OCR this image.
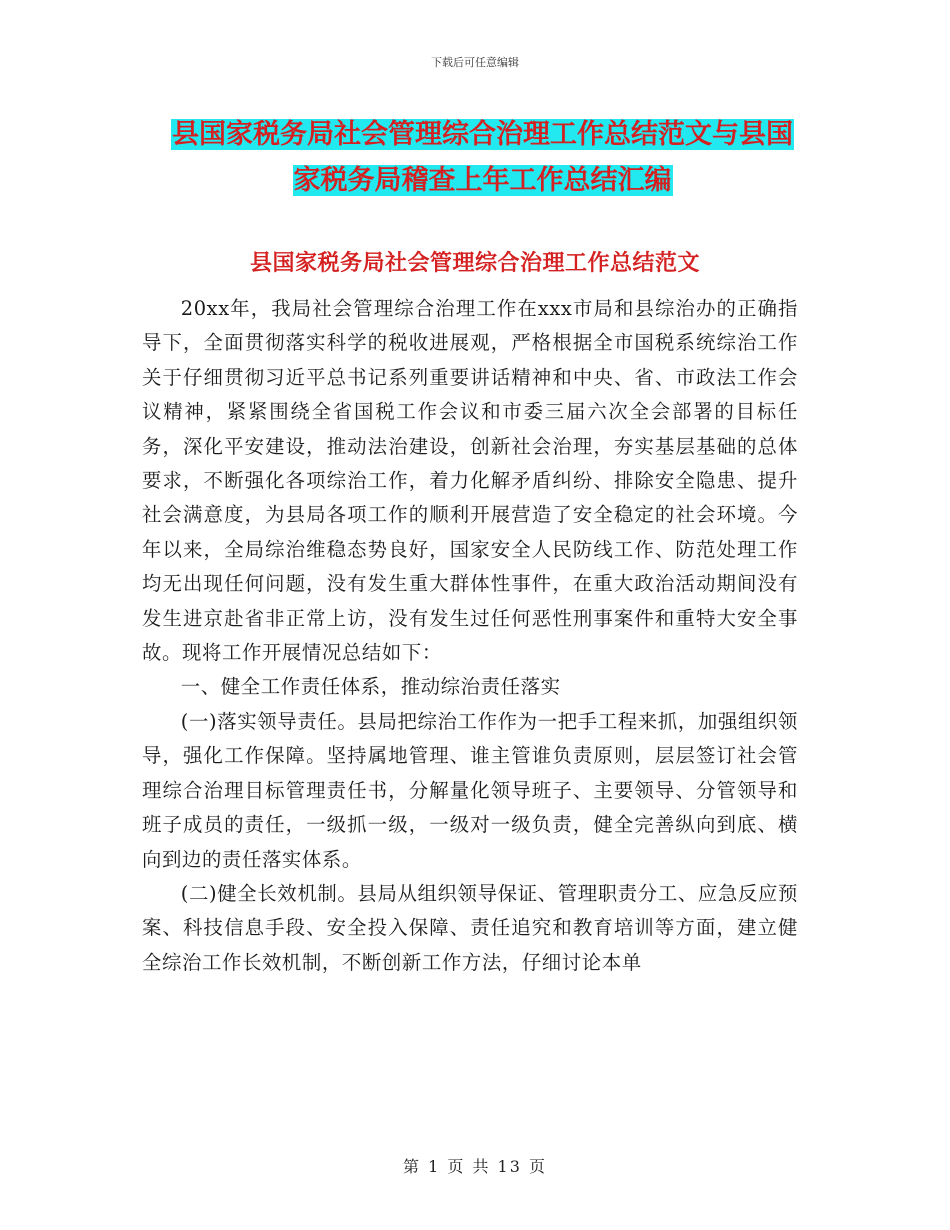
下载后可任意编辑
县国家税务局社会管理综合治理工作总结范文与县国
家税务局稽查上年工作总结汇编
县国家税务局社会管理综合治理工作总结范文

20xx年，我局社会管理综合治理工作在xxx市局和县综治办的正确指导下，全面贯彻落实科学的税收进展观，严格根据全市国税系统综治工作关于仔细贯彻习近平总书记系列重要讲话精神和中央、省、市政法工作会议精神，紧紧围绕全省国税工作会议和市委三届六次全会部署的目标任务，深化平安建设，推动法治建设，创新社会治理，夯实基层基础的总体要求，不断强化各项综治工作，着力化解矛盾纠纷、排除安全隐患、提升社会满意度，为县局各项工作的顺利开展营造了安全稳定的社会环境。今年以来，全局综治维稳态势良好，国家安全人民防线工作、防范处理工作均无出现任何问题，没有发生重大群体性事件，在重大政治活动期间没有发生进京赴省非正常上访，没有发生过任何恶性刑事案件和重特大安全事故。现将工作开展情况总结如下：

一、健全工作责任体系，推动综治责任落实

(一)落实领导责任。县局把综治工作作为一把手工程来抓，加强组织领导，强化工作保障。坚持属地管理、谁主管谁负责原则，层层签订社会管理综合治理目标管理责任书，分解量化领导班子、主要领导、分管领导和班子成员的责任，一级抓一级，一级对一级负责，健全完善纵向到底、横向到边的责任落实体系。

(二)健全长效机制。县局从组织领导保证、管理职责分工、应急反应预案、科技信息手段、安全投入保障、责任追究和教育培训等方面，建立健全综治工作长效机制，不断创新工作方法，仔细讨论本单

第 1 页 共 13 页
